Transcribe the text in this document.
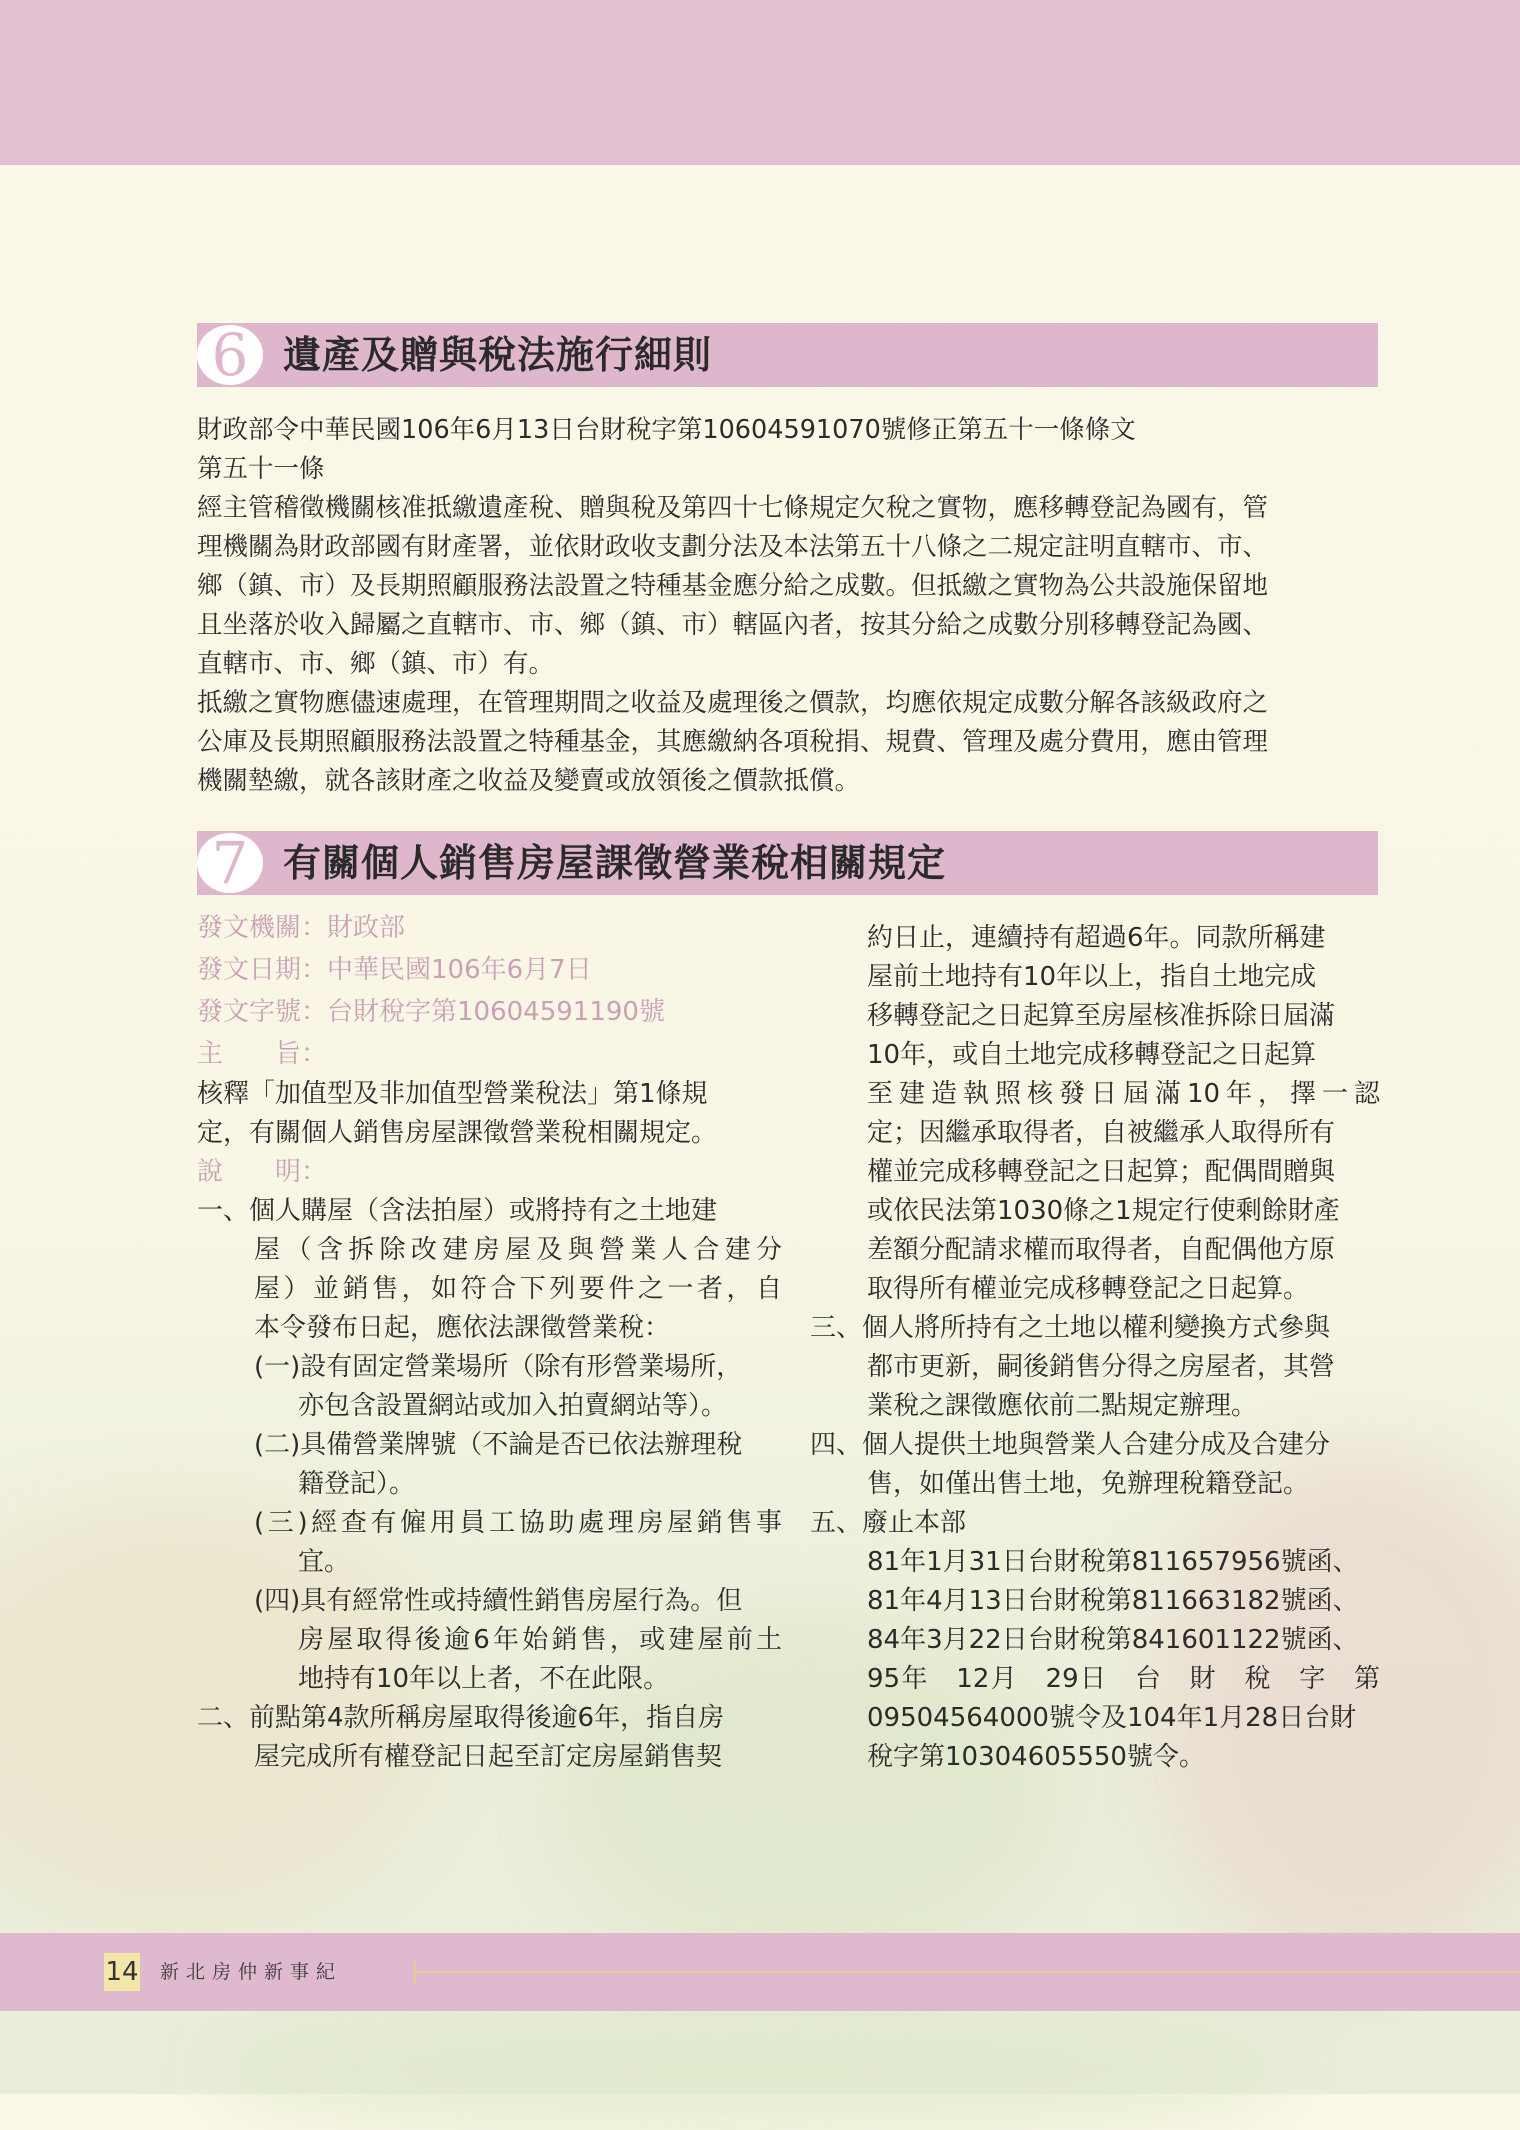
6 遺產及贈與稅法施行細則
財政部令中華民國106年6月13日台財稅字第10604591070號修正第五十一條條文
第五十一條
經主管稽徵機關核准抵繳遺產稅、贈與稅及第四十七條規定欠稅之實物，應移轉登記為國有，管
理機關為財政部國有財產署，並依財政收支劃分法及本法第五十八條之二規定註明直轄市、市、
鄉（鎮、市）及長期照顧服務法設置之特種基金應分給之成數。但抵繳之實物為公共設施保留地
且坐落於收入歸屬之直轄市、市、鄉（鎮、市）轄區內者，按其分給之成數分別移轉登記為國、
直轄市、市、鄉（鎮、市）有。
抵繳之實物應儘速處理，在管理期間之收益及處理後之價款，均應依規定成數分解各該級政府之
公庫及長期照顧服務法設置之特種基金，其應繳納各項稅捐、規費、管理及處分費用，應由管理
機關墊繳，就各該財產之收益及變賣或放領後之價款抵償。
7 有關個人銷售房屋課徵營業稅相關規定
發文機關：財政部
發文日期：中華民國106年6月7日
發文字號：台財稅字第10604591190號
主　　旨：
核釋「加值型及非加值型營業稅法」第1條規
定，有關個人銷售房屋課徵營業稅相關規定。
說　　明：
一、個人購屋（含法拍屋）或將持有之土地建
屋（含拆除改建房屋及與營業人合建分
屋）並銷售，如符合下列要件之一者，自
本令發布日起，應依法課徵營業稅：
(一)設有固定營業場所（除有形營業場所，
亦包含設置網站或加入拍賣網站等）。
(二)具備營業牌號（不論是否已依法辦理稅
籍登記）。
(三)經查有僱用員工協助處理房屋銷售事
宜。
(四)具有經常性或持續性銷售房屋行為。但
房屋取得後逾6年始銷售，或建屋前土
地持有10年以上者，不在此限。
二、前點第4款所稱房屋取得後逾6年，指自房
屋完成所有權登記日起至訂定房屋銷售契
約日止，連續持有超過6年。同款所稱建
屋前土地持有10年以上，指自土地完成
移轉登記之日起算至房屋核准拆除日屆滿
10年，或自土地完成移轉登記之日起算
至建造執照核發日屆滿10年，擇一認
定；因繼承取得者，自被繼承人取得所有
權並完成移轉登記之日起算；配偶間贈與
或依民法第1030條之1規定行使剩餘財產
差額分配請求權而取得者，自配偶他方原
取得所有權並完成移轉登記之日起算。
三、個人將所持有之土地以權利變換方式參與
都市更新，嗣後銷售分得之房屋者，其營
業稅之課徵應依前二點規定辦理。
四、個人提供土地與營業人合建分成及合建分
售，如僅出售土地，免辦理稅籍登記。
五、廢止本部
81年1月31日台財稅第811657956號函、
81年4月13日台財稅第811663182號函、
84年3月22日台財稅第841601122號函、
95年　12月　29日　台　財　稅　字　第
09504564000號令及104年1月28日台財
稅字第10304605550號令。
14 新北房仲新事紀
